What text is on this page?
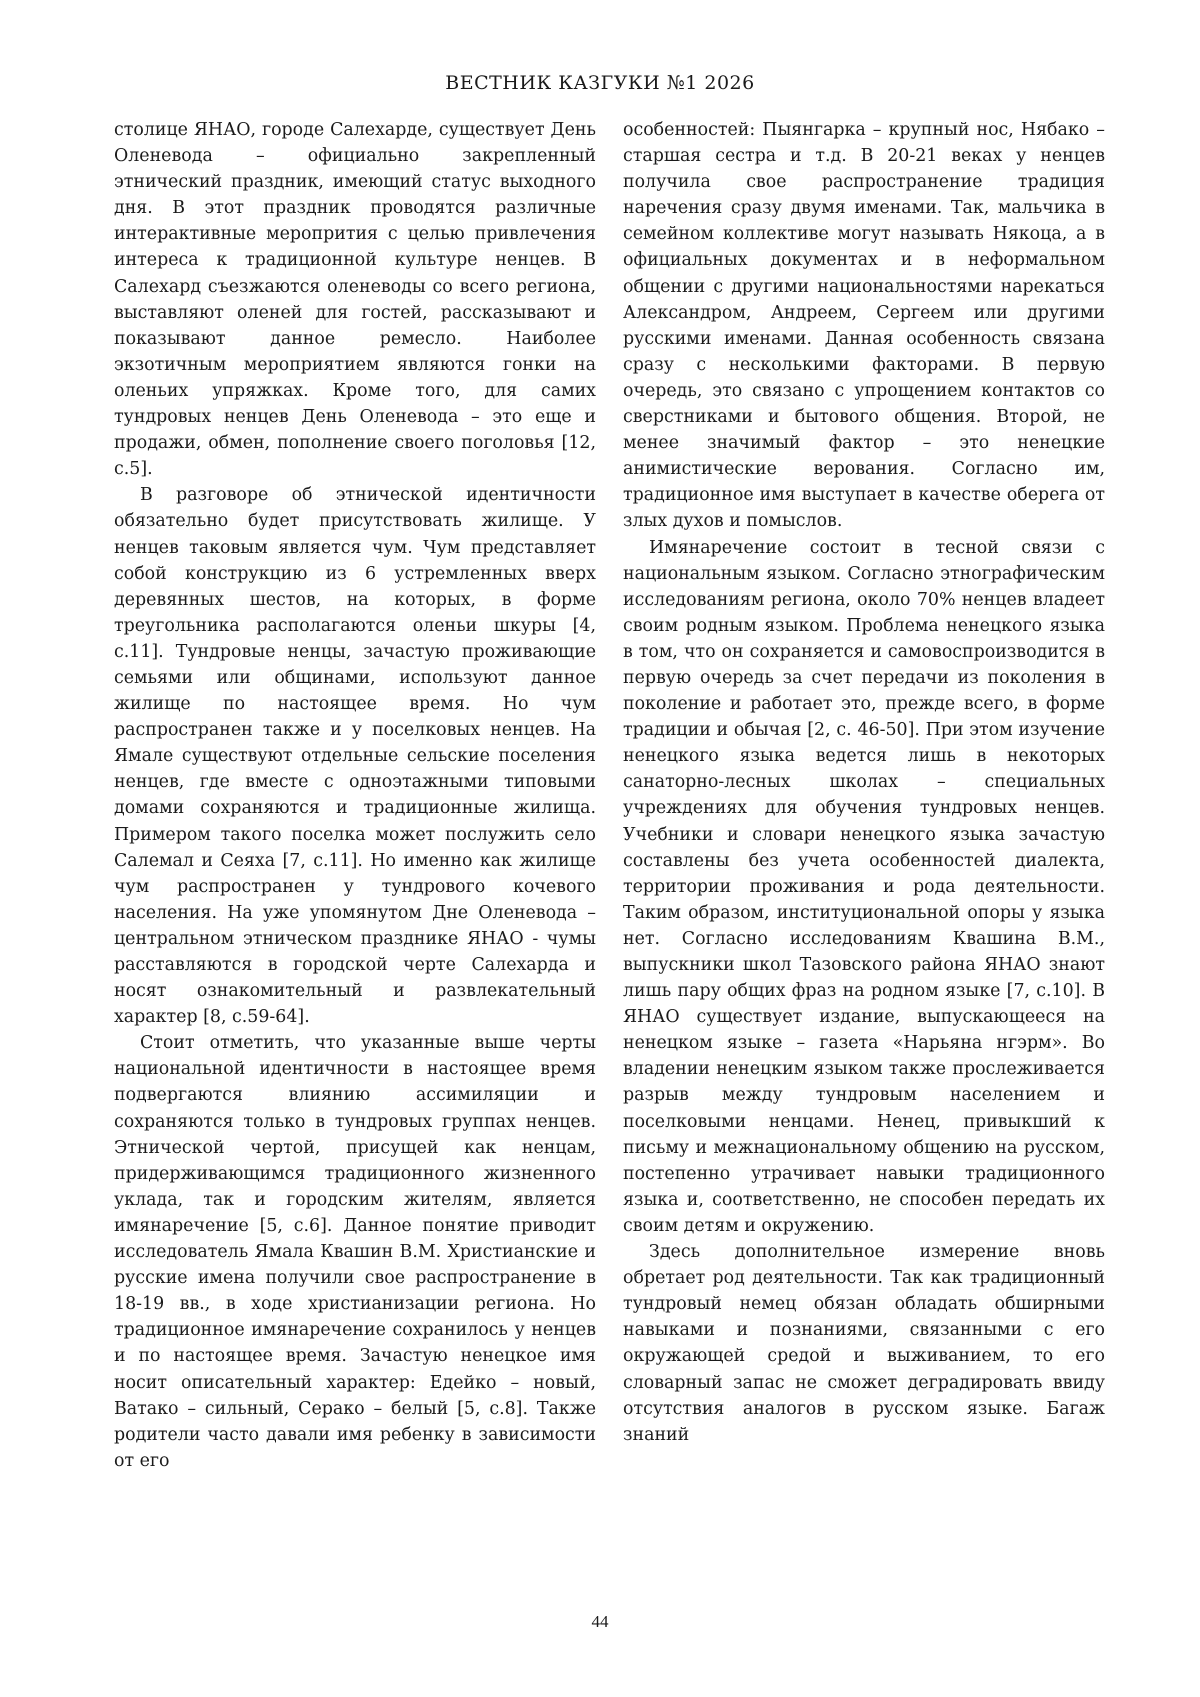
ВЕСТНИК КАЗГУКИ №1 2026

столице ЯНАО, городе Салехарде, существует День Оленевода – официально закрепленный этнический праздник, имеющий статус выходного дня. В этот праздник проводятся различные интерактивные меропрития с целью привлечения интереса к традиционной культуре ненцев. В Салехард съезжаются оленеводы со всего региона, выставляют оленей для гостей, рассказывают и показывают данное ремесло. Наиболее экзотичным мероприятием являются гонки на оленьих упряжках. Кроме того, для самих тундровых ненцев День Оленевода – это еще и продажи, обмен, пополнение своего поголовья [12, с.5].

В разговоре об этнической идентичности обязательно будет присутствовать жилище. У ненцев таковым является чум. Чум представляет собой конструкцию из 6 устремленных вверх деревянных шестов, на которых, в форме треугольника располагаются оленьи шкуры [4, с.11]. Тундровые ненцы, зачастую проживающие семьями или общинами, используют данное жилище по настоящее время. Но чум распространен также и у поселковых ненцев. На Ямале существуют отдельные сельские поселения ненцев, где вместе с одноэтажными типовыми домами сохраняются и традиционные жилища. Примером такого поселка может послужить село Салемал и Сеяха [7, с.11]. Но именно как жилище чум распространен у тундрового кочевого населения. На уже упомянутом Дне Оленевода – центральном этническом празднике ЯНАО - чумы расставляются в городской черте Салехарда и носят ознакомительный и развлекательный характер [8, с.59-64].

Стоит отметить, что указанные выше черты национальной идентичности в настоящее время подвергаются влиянию ассимиляции и сохраняются только в тундровых группах ненцев. Этнической чертой, присущей как ненцам, придерживающимся традиционного жизненного уклада, так и городским жителям, является имянаречение [5, с.6]. Данное понятие приводит исследователь Ямала Квашин В.М. Христианские и русские имена получили свое распространение в 18-19 вв., в ходе христианизации региона. Но традиционное имянаречение сохранилось у ненцев и по настоящее время. Зачастую ненецкое имя носит описательный характер: Едейко – новый, Ватако – сильный, Серако – белый [5, с.8]. Также родители часто давали имя ребенку в зависимости от его

особенностей: Пыянгарка – крупный нос, Нябако – старшая сестра и т.д. В 20-21 веках у ненцев получила свое распространение традиция наречения сразу двумя именами. Так, мальчика в семейном коллективе могут называть Някоца, а в официальных документах и в неформальном общении с другими национальностями нарекаться Александром, Андреем, Сергеем или другими русскими именами. Данная особенность связана сразу с несколькими факторами. В первую очередь, это связано с упрощением контактов со сверстниками и бытового общения. Второй, не менее значимый фактор – это ненецкие анимистические верования. Согласно им, традиционное имя выступает в качестве оберега от злых духов и помыслов.

Имянаречение состоит в тесной связи с национальным языком. Согласно этнографическим исследованиям региона, около 70% ненцев владеет своим родным языком. Проблема ненецкого языка в том, что он сохраняется и самовоспроизводится в первую очередь за счет передачи из поколения в поколение и работает это, прежде всего, в форме традиции и обычая [2, с. 46-50]. При этом изучение ненецкого языка ведется лишь в некоторых санаторно-лесных школах – специальных учреждениях для обучения тундровых ненцев. Учебники и словари ненецкого языка зачастую составлены без учета особенностей диалекта, территории проживания и рода деятельности. Таким образом, институциональной опоры у языка нет. Согласно исследованиям Квашина В.М., выпускники школ Тазовского района ЯНАО знают лишь пару общих фраз на родном языке [7, с.10]. В ЯНАО существует издание, выпускающееся на ненецком языке – газета «Нарьяна нгэрм». Во владении ненецким языком также прослеживается разрыв между тундровым населением и поселковыми ненцами. Ненец, привыкший к письму и межнациональному общению на русском, постепенно утрачивает навыки традиционного языка и, соответственно, не способен передать их своим детям и окружению.

Здесь дополнительное измерение вновь обретает род деятельности. Так как традиционный тундровый немец обязан обладать обширными навыками и познаниями, связанными с его окружающей средой и выживанием, то его словарный запас не сможет деградировать ввиду отсутствия аналогов в русском языке. Багаж знаний

44
